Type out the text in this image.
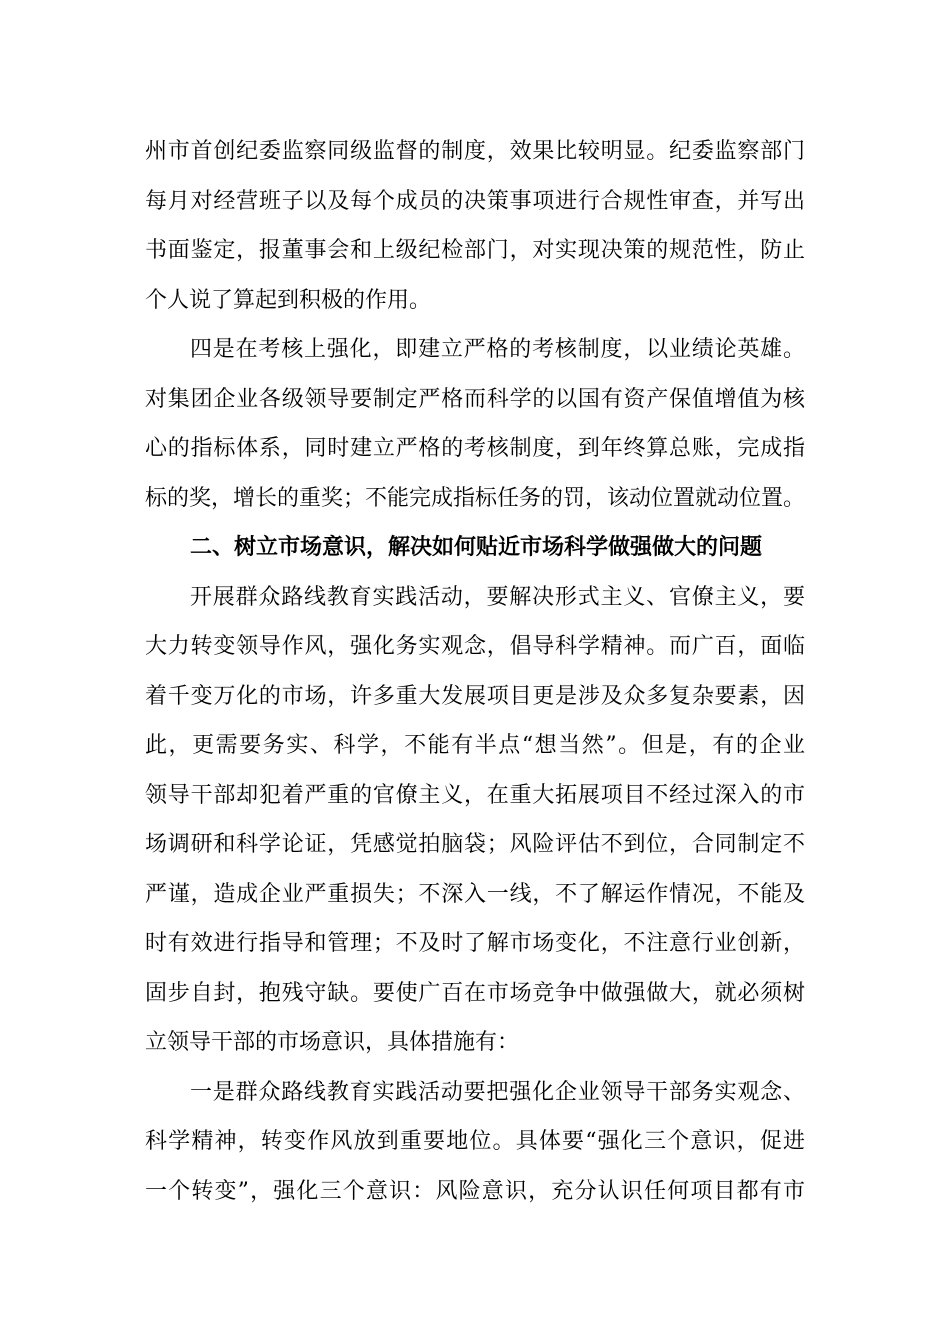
州市首创纪委监察同级监督的制度，效果比较明显。纪委监察部门
每月对经营班子以及每个成员的决策事项进行合规性审查，并写出
书面鉴定，报董事会和上级纪检部门，对实现决策的规范性，防止
个人说了算起到积极的作用。
四是在考核上强化，即建立严格的考核制度，以业绩论英雄。
对集团企业各级领导要制定严格而科学的以国有资产保值增值为核
心的指标体系，同时建立严格的考核制度，到年终算总账，完成指
标的奖，增长的重奖；不能完成指标任务的罚，该动位置就动位置。
二、树立市场意识，解决如何贴近市场科学做强做大的问题
开展群众路线教育实践活动，要解决形式主义、官僚主义，要
大力转变领导作风，强化务实观念，倡导科学精神。而广百，面临
着千变万化的市场，许多重大发展项目更是涉及众多复杂要素，因
此，更需要务实、科学，不能有半点“想当然”。但是，有的企业
领导干部却犯着严重的官僚主义，在重大拓展项目不经过深入的市
场调研和科学论证，凭感觉拍脑袋；风险评估不到位，合同制定不
严谨，造成企业严重损失；不深入一线，不了解运作情况，不能及
时有效进行指导和管理；不及时了解市场变化，不注意行业创新，
固步自封，抱残守缺。要使广百在市场竞争中做强做大，就必须树
立领导干部的市场意识，具体措施有：
一是群众路线教育实践活动要把强化企业领导干部务实观念、
科学精神，转变作风放到重要地位。具体要“强化三个意识，促进
一个转变”，强化三个意识：风险意识，充分认识任何项目都有市
